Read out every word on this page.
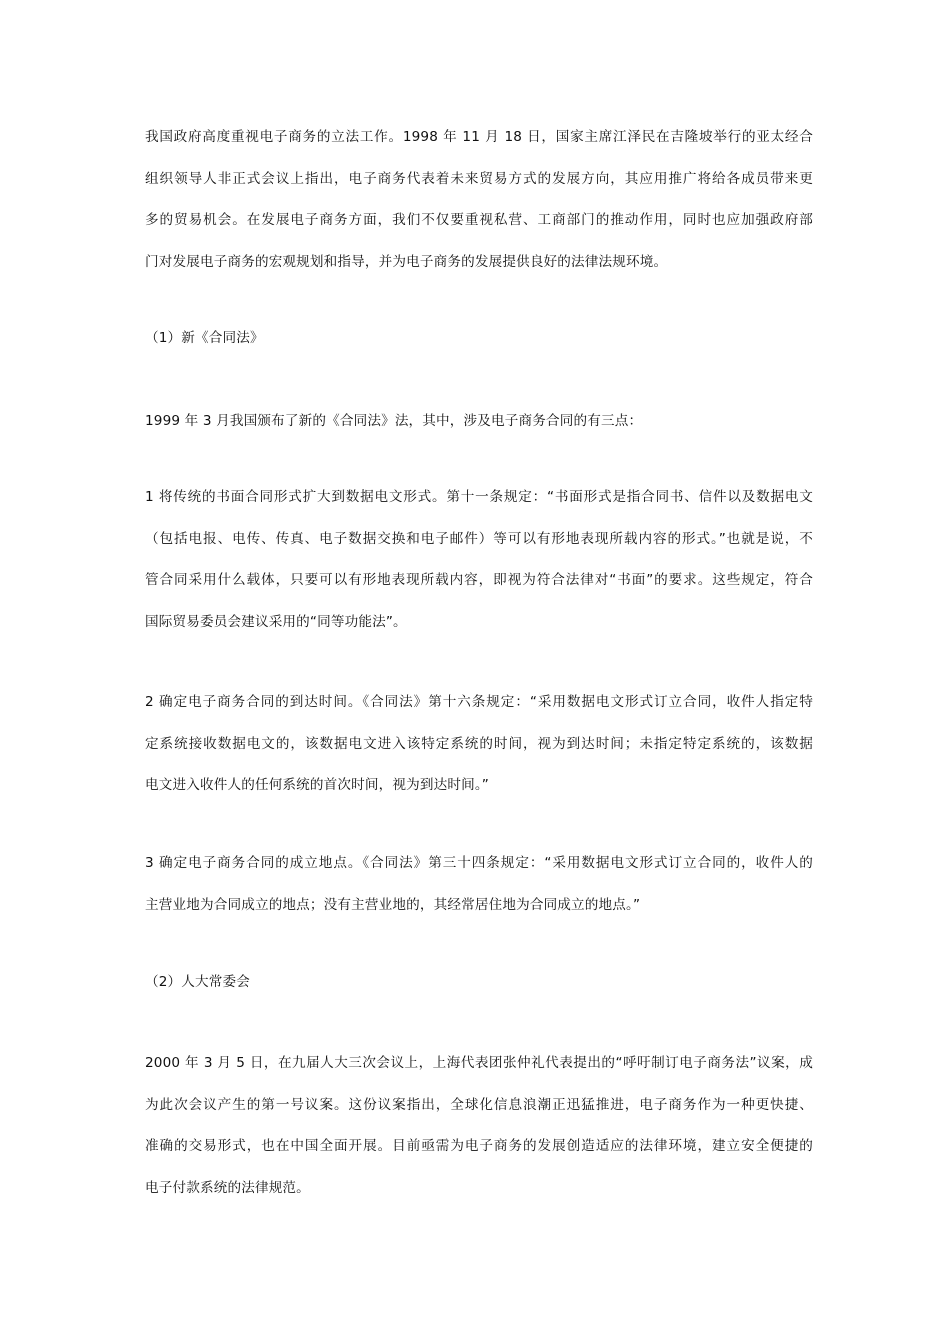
我国政府高度重视电子商务的立法工作。1998 年 11 月 18 日，国家主席江泽民在吉隆坡举行的亚太经合
组织领导人非正式会议上指出，电子商务代表着未来贸易方式的发展方向，其应用推广将给各成员带来更
多的贸易机会。在发展电子商务方面，我们不仅要重视私营、工商部门的推动作用，同时也应加强政府部
门对发展电子商务的宏观规划和指导，并为电子商务的发展提供良好的法律法规环境。
（1）新《合同法》
1999 年 3 月我国颁布了新的《合同法》法，其中，涉及电子商务合同的有三点：
1 将传统的书面合同形式扩大到数据电文形式。第十一条规定：“书面形式是指合同书、信件以及数据电文
（包括电报、电传、传真、电子数据交换和电子邮件）等可以有形地表现所载内容的形式。”也就是说，不
管合同采用什么载体，只要可以有形地表现所载内容，即视为符合法律对“书面”的要求。这些规定，符合
国际贸易委员会建议采用的“同等功能法”。
2 确定电子商务合同的到达时间。《合同法》第十六条规定：“采用数据电文形式订立合同，收件人指定特
定系统接收数据电文的，该数据电文进入该特定系统的时间，视为到达时间；未指定特定系统的，该数据
电文进入收件人的任何系统的首次时间，视为到达时间。”
3 确定电子商务合同的成立地点。《合同法》第三十四条规定：“采用数据电文形式订立合同的，收件人的
主营业地为合同成立的地点；没有主营业地的，其经常居住地为合同成立的地点。”
（2）人大常委会
2000 年 3 月 5 日，在九届人大三次会议上，上海代表团张仲礼代表提出的“呼吁制订电子商务法”议案，成
为此次会议产生的第一号议案。这份议案指出，全球化信息浪潮正迅猛推进，电子商务作为一种更快捷、
准确的交易形式，也在中国全面开展。目前亟需为电子商务的发展创造适应的法律环境，建立安全便捷的
电子付款系统的法律规范。
